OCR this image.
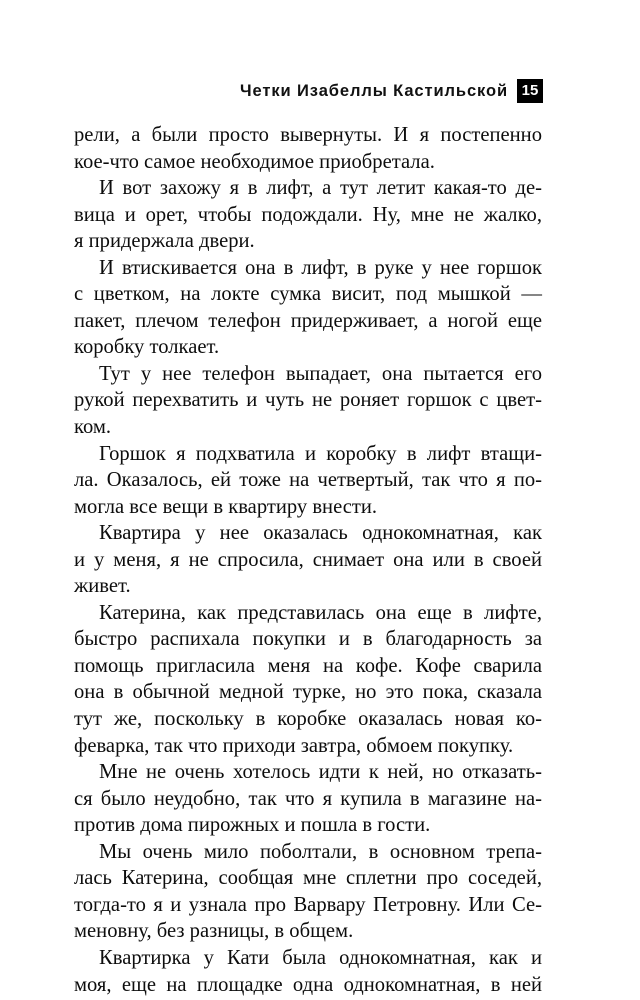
Четки Изабеллы Кастильской 15
рели, а были просто вывернуты. И я постепенно
кое-что самое необходимое приобретала.
И вот захожу я в лифт, а тут летит какая-то де-
вица и орет, чтобы подождали. Ну, мне не жалко,
я придержала двери.
И втискивается она в лифт, в руке у нее горшок
с цветком, на локте сумка висит, под мышкой —
пакет, плечом телефон придерживает, а ногой еще
коробку толкает.
Тут у нее телефон выпадает, она пытается его
рукой перехватить и чуть не роняет горшок с цвет-
ком.
Горшок я подхватила и коробку в лифт втащи-
ла. Оказалось, ей тоже на четвертый, так что я по-
могла все вещи в квартиру внести.
Квартира у нее оказалась однокомнатная, как
и у меня, я не спросила, снимает она или в своей
живет.
Катерина, как представилась она еще в лифте,
быстро распихала покупки и в благодарность за
помощь пригласила меня на кофе. Кофе сварила
она в обычной медной турке, но это пока, сказала
тут же, поскольку в коробке оказалась новая ко-
феварка, так что приходи завтра, обмоем покупку.
Мне не очень хотелось идти к ней, но отказать-
ся было неудобно, так что я купила в магазине на-
против дома пирожных и пошла в гости.
Мы очень мило поболтали, в основном трепа-
лась Катерина, сообщая мне сплетни про соседей,
тогда-то я и узнала про Варвару Петровну. Или Се-
меновну, без разницы, в общем.
Квартирка у Кати была однокомнатная, как и
моя, еще на площадке одна однокомнатная, в ней
